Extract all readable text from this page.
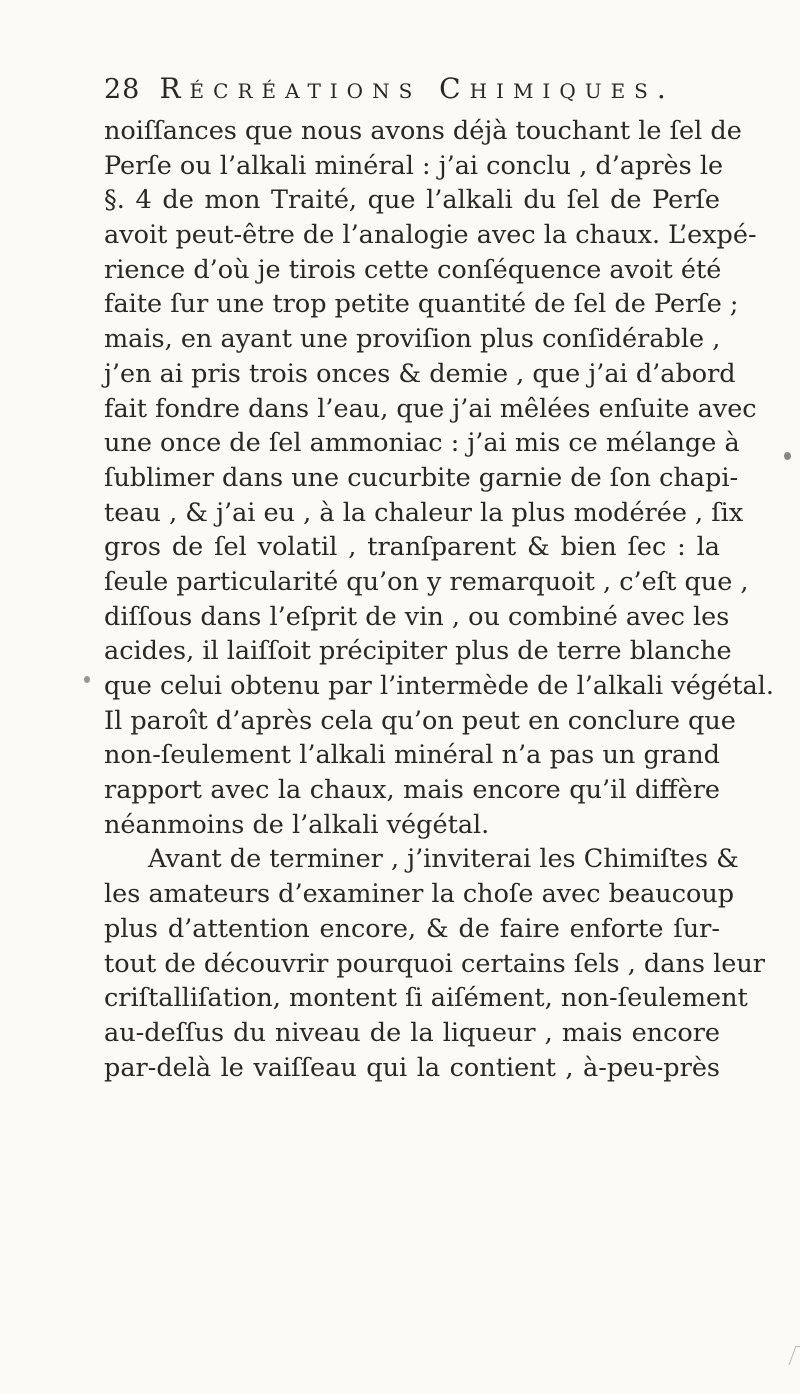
28 Récréations Chimiques.
noiſſances que nous avons déjà touchant le ſel de
Perſe ou l’alkali minéral : j’ai conclu , d’après le
§. 4 de mon Traité, que l’alkali du ſel de Perſe
avoit peut-être de l’analogie avec la chaux. L’expé-
rience d’où je tirois cette conſéquence avoit été
faite ſur une trop petite quantité de ſel de Perſe ;
mais, en ayant une proviſion plus conſidérable ,
j’en ai pris trois onces & demie , que j’ai d’abord
fait fondre dans l’eau, que j’ai mêlées enſuite avec
une once de ſel ammoniac : j’ai mis ce mélange à
ſublimer dans une cucurbite garnie de ſon chapi-
teau , & j’ai eu , à la chaleur la plus modérée , ſix
gros de ſel volatil , tranſparent & bien ſec : la
ſeule particularité qu’on y remarquoit , c’eſt que ,
diſſous dans l’eſprit de vin , ou combiné avec les
acides, il laiſſoit précipiter plus de terre blanche
que celui obtenu par l’intermède de l’alkali végétal.
Il paroît d’après cela qu’on peut en conclure que
non-ſeulement l’alkali minéral n’a pas un grand
rapport avec la chaux, mais encore qu’il diffère
néanmoins de l’alkali végétal.
Avant de terminer , j’inviterai les Chimiſtes &
les amateurs d’examiner la choſe avec beaucoup
plus d’attention encore, & de faire enforte ſur-
tout de découvrir pourquoi certains ſels , dans leur
criſtalliſation, montent ſi aiſément, non-ſeulement
au-deſſus du niveau de la liqueur , mais encore
par-delà le vaiſſeau qui la contient , à-peu-près
